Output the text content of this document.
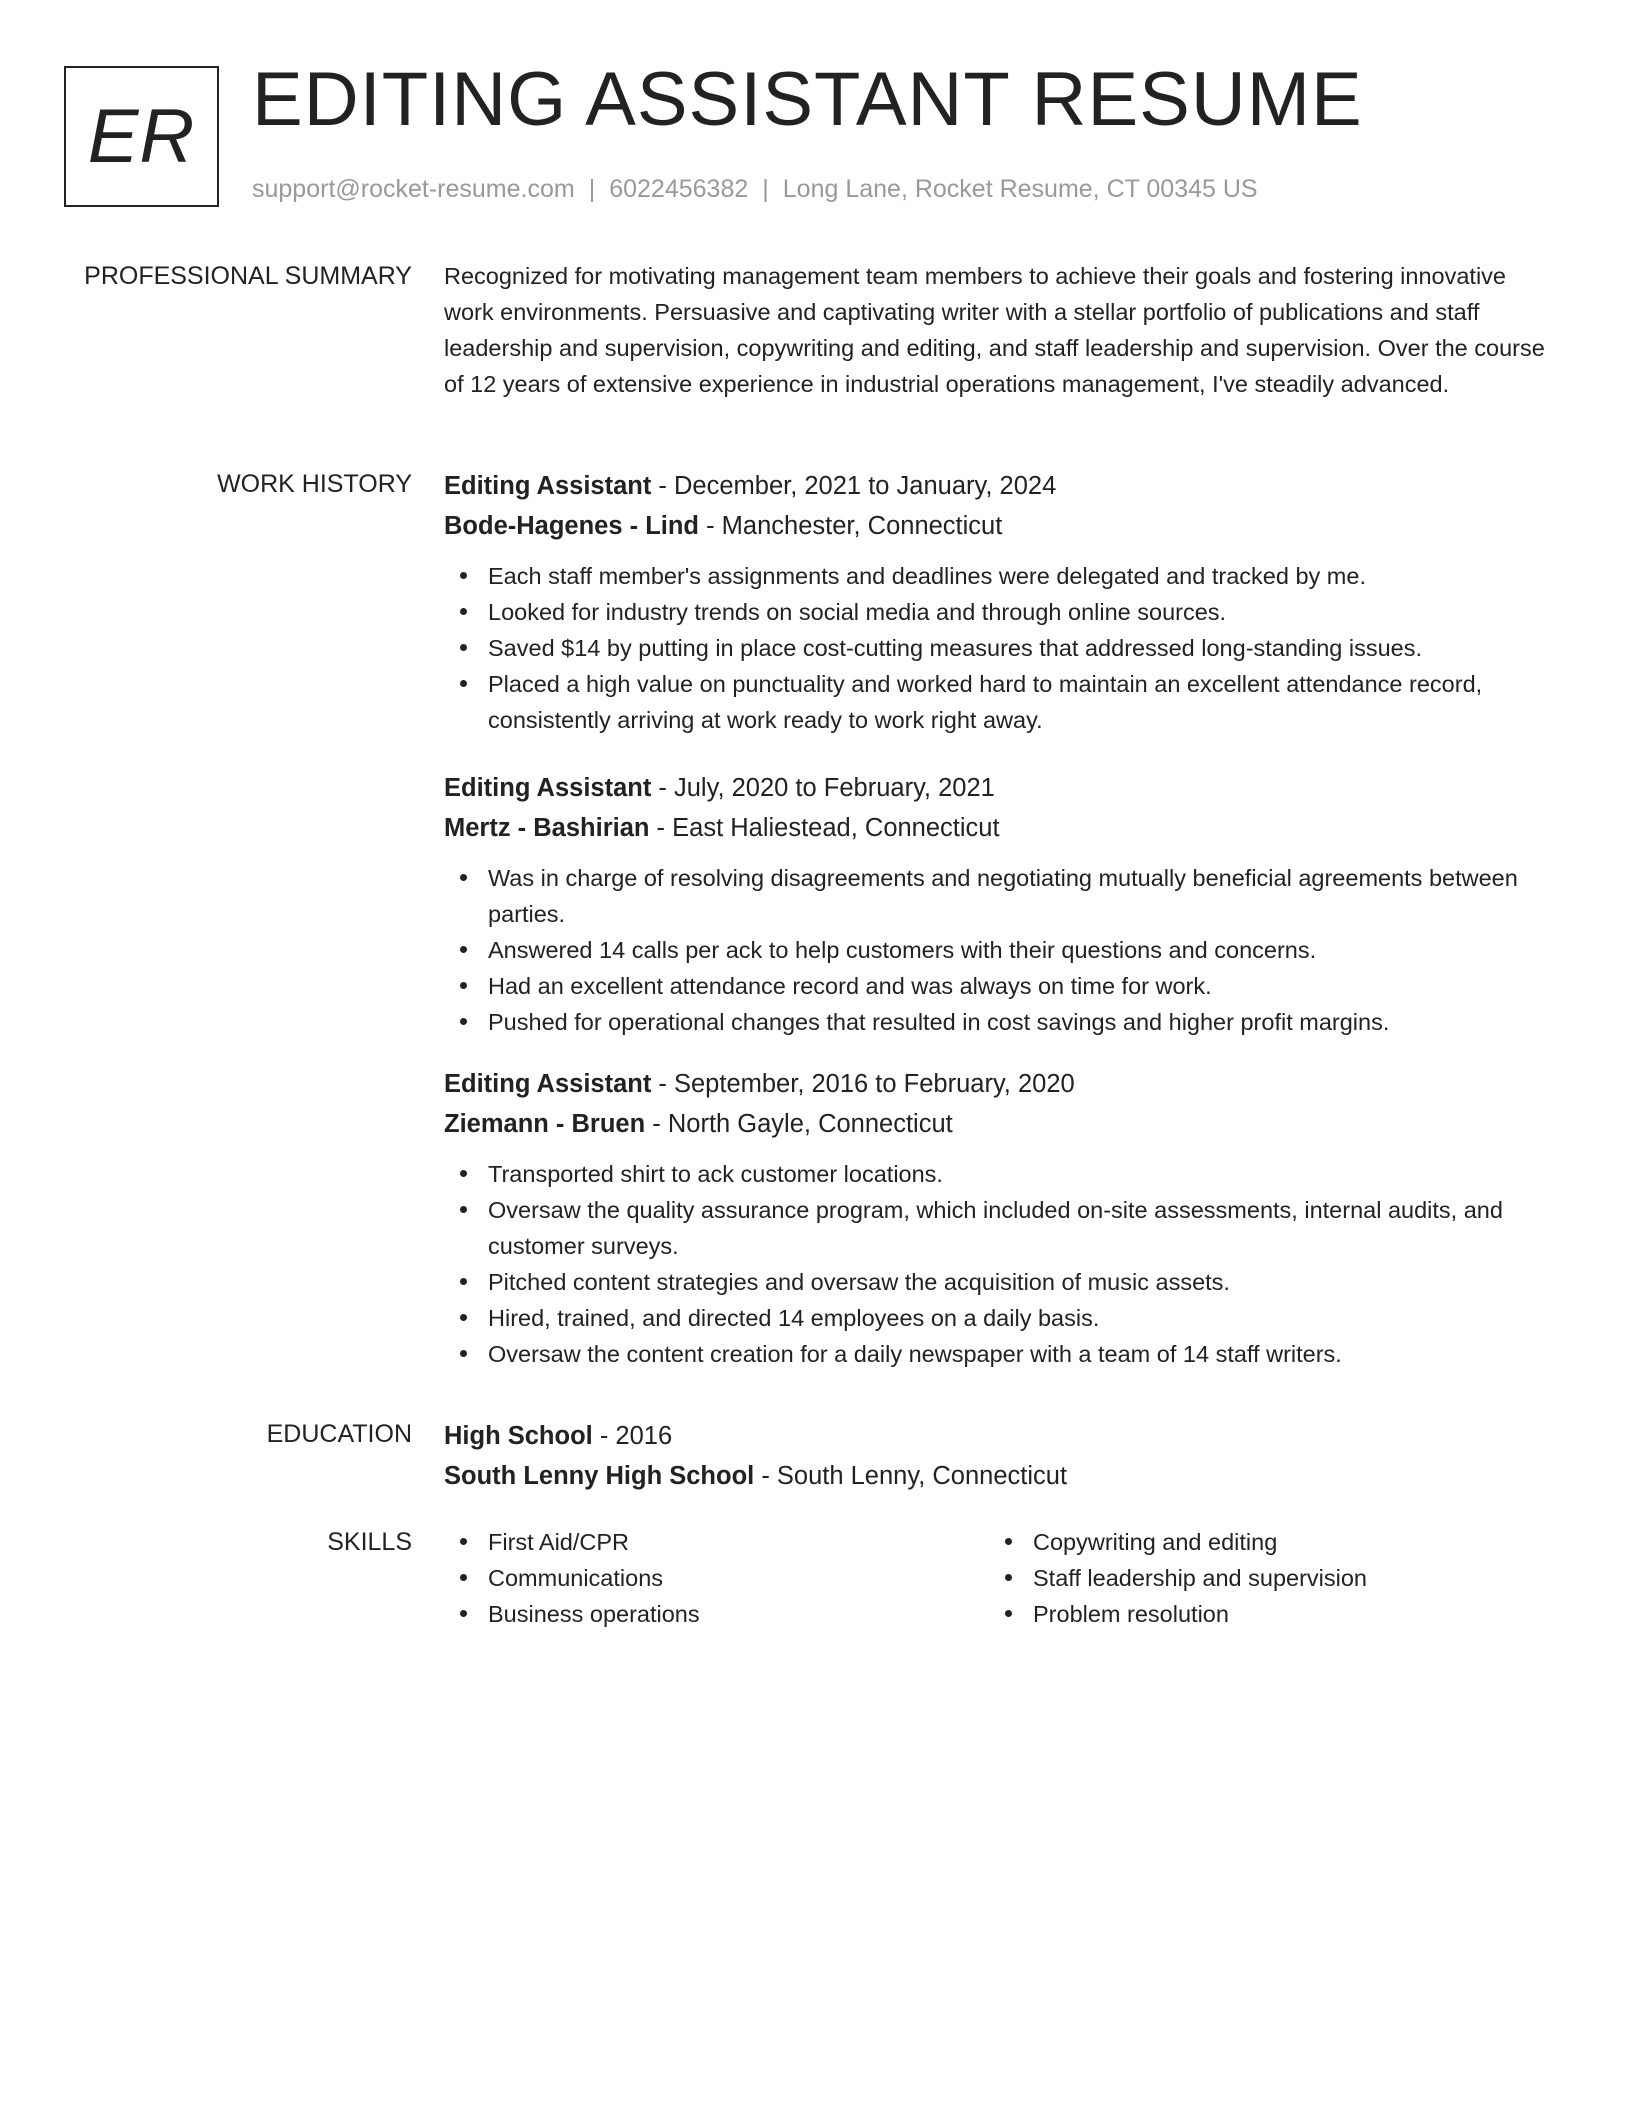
ER EDITING ASSISTANT RESUME
support@rocket-resume.com | 6022456382 | Long Lane, Rocket Resume, CT 00345 US
PROFESSIONAL SUMMARY Recognized for motivating management team members to achieve their goals and fostering innovative work environments. Persuasive and captivating writer with a stellar portfolio of publications and staff leadership and supervision, copywriting and editing, and staff leadership and supervision. Over the course of 12 years of extensive experience in industrial operations management, I've steadily advanced.

WORK HISTORY Editing Assistant - December, 2021 to January, 2024
Bode-Hagenes - Lind - Manchester, Connecticut
Each staff member's assignments and deadlines were delegated and tracked by me.
Looked for industry trends on social media and through online sources.
Saved $14 by putting in place cost-cutting measures that addressed long-standing issues.
Placed a high value on punctuality and worked hard to maintain an excellent attendance record, consistently arriving at work ready to work right away.
Editing Assistant - July, 2020 to February, 2021
Mertz - Bashirian - East Haliestead, Connecticut
Was in charge of resolving disagreements and negotiating mutually beneficial agreements between parties.
Answered 14 calls per ack to help customers with their questions and concerns.
Had an excellent attendance record and was always on time for work.
Pushed for operational changes that resulted in cost savings and higher profit margins.
Editing Assistant - September, 2016 to February, 2020
Ziemann - Bruen - North Gayle, Connecticut
Transported shirt to ack customer locations.
Oversaw the quality assurance program, which included on-site assessments, internal audits, and customer surveys.
Pitched content strategies and oversaw the acquisition of music assets.
Hired, trained, and directed 14 employees on a daily basis.
Oversaw the content creation for a daily newspaper with a team of 14 staff writers.
EDUCATION High School - 2016
South Lenny High School - South Lenny, Connecticut
SKILLS	First Aid/CPR
Communications
Business operations
Copywriting and editing
Staff leadership and supervision
Problem resolution
